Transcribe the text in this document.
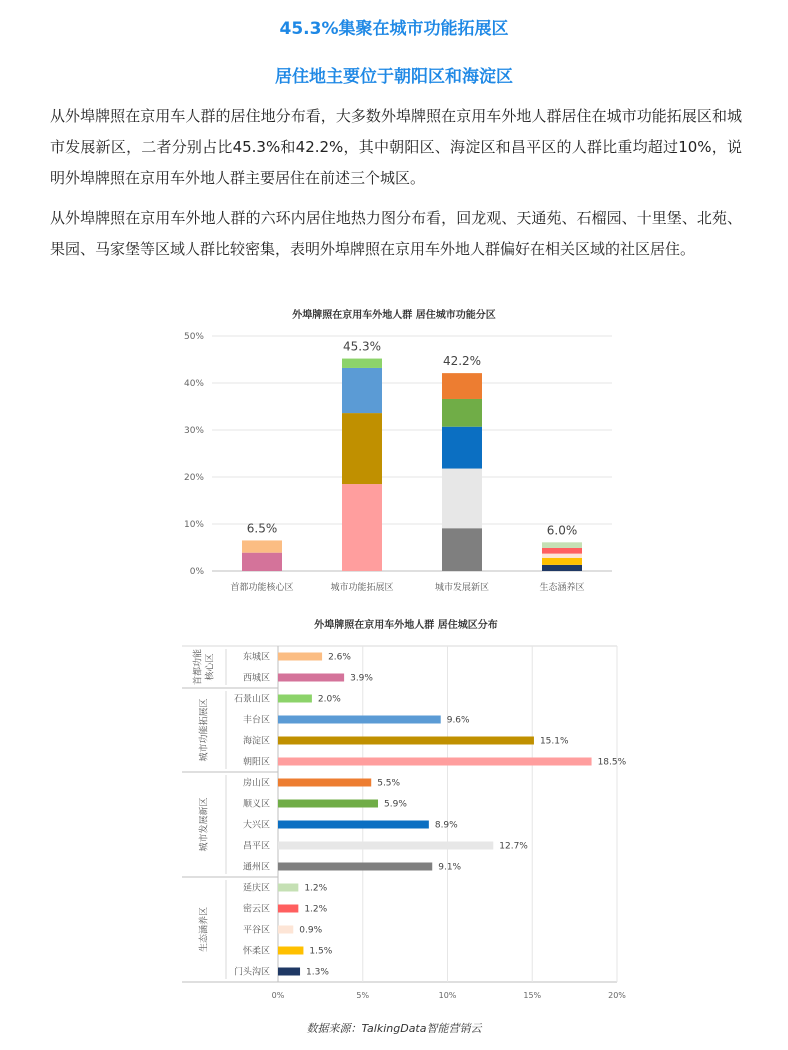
45.3%集聚在城市功能拓展区
居住地主要位于朝阳区和海淀区
从外埠牌照在京用车人群的居住地分布看，大多数外埠牌照在京用车外地人群居住在城市功能拓展区和城市发展新区，二者分别占比45.3%和42.2%，其中朝阳区、海淀区和昌平区的人群比重均超过10%，说明外埠牌照在京用车外地人群主要居住在前述三个城区。
从外埠牌照在京用车外地人群的六环内居住地热力图分布看，回龙观、天通苑、石榴园、十里堡、北苑、果园、马家堡等区域人群比较密集，表明外埠牌照在京用车外地人群偏好在相关区域的社区居住。
外埠牌照在京用车外地人群 居住城市功能分区
0%
10%
20%
30%
40%
50%
6.5%
首都功能核心区
45.3%
城市功能拓展区
42.2%
城市发展新区
6.0%
生态涵养区
外埠牌照在京用车外地人群 居住城区分布
0%	5%	10%	15%	20%
首都功能 核心区	东城区	2.6%
西城区	3.9%
城市功能拓展区	石景山区	2.0%
丰台区	9.6%
海淀区	15.1%
朝阳区	18.5%
城市发展新区
房山区	5.5%
顺义区	5.9%
大兴区	8.9%
昌平区	12.7%
通州区	9.1%
生态涵养区
延庆区	1.2%
密云区	1.2%
平谷区	0.9%
怀柔区	1.5%
门头沟区	1.3%
数据来源：TalkingData智能营销云
